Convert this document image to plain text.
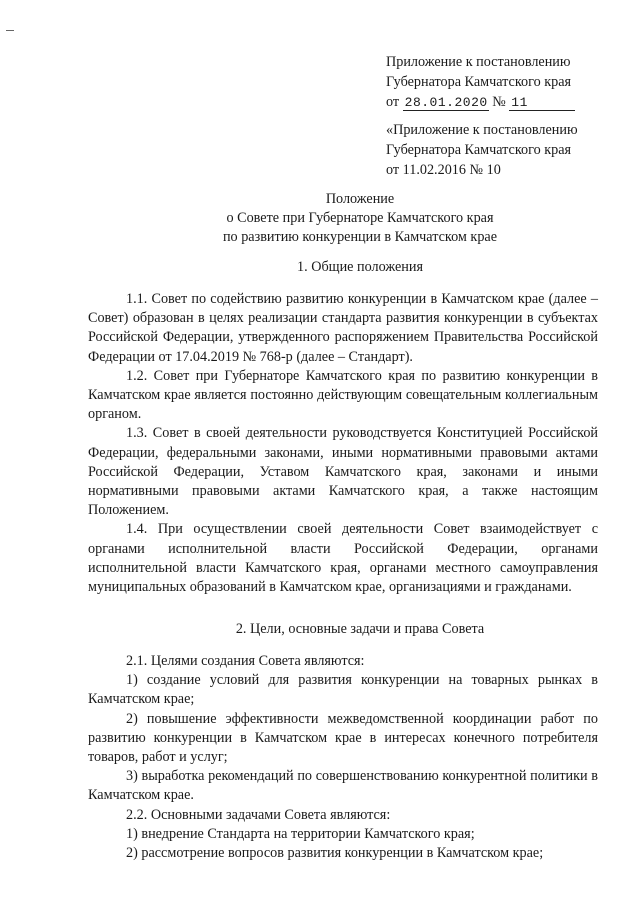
Приложение к постановлению
Губернатора Камчатского края
от 28.01.2020 № 11
«Приложение к постановлению
Губернатора Камчатского края
от 11.02.2016 № 10
Положение
о Совете при Губернаторе Камчатского края
по развитию конкуренции в Камчатском крае
1. Общие положения

1.1. Совет по содействию развитию конкуренции в Камчатском крае (далее – Совет) образован в целях реализации стандарта развития конкуренции в субъектах Российской Федерации, утвержденного распоряжением Правительства Российской Федерации от 17.04.2019 № 768-р (далее – Стандарт).

1.2. Совет при Губернаторе Камчатского края по развитию конкуренции в Камчатском крае является постоянно действующим совещательным коллегиальным органом.

1.3. Совет в своей деятельности руководствуется Конституцией Российской Федерации, федеральными законами, иными нормативными правовыми актами Российской Федерации, Уставом Камчатского края, законами и иными нормативными правовыми актами Камчатского края, а также настоящим Положением.

1.4. При осуществлении своей деятельности Совет взаимодействует с органами исполнительной власти Российской Федерации, органами исполнительной власти Камчатского края, органами местного самоуправления муниципальных образований в Камчатском крае, организациями и гражданами.

2. Цели, основные задачи и права Совета

2.1. Целями создания Совета являются:

1) создание условий для развития конкуренции на товарных рынках в Камчатском крае;

2) повышение эффективности межведомственной координации работ по развитию конкуренции в Камчатском крае в интересах конечного потребителя товаров, работ и услуг;

3) выработка рекомендаций по совершенствованию конкурентной политики в Камчатском крае.

2.2. Основными задачами Совета являются:

1) внедрение Стандарта на территории Камчатского края;

2) рассмотрение вопросов развития конкуренции в Камчатском крае;
